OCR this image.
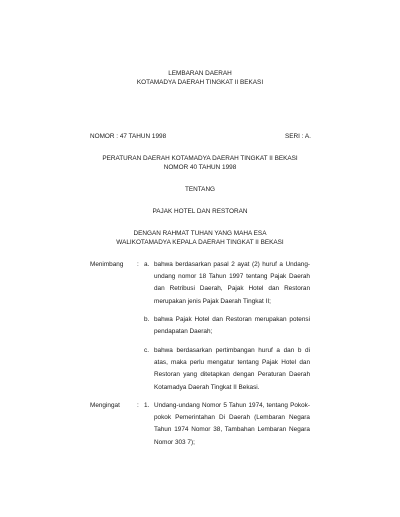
LEMBARAN DAERAH
KOTAMADYA DAERAH TINGKAT II BEKASI
NOMOR : 47 TAHUN 1998	SERI : A.
PERATURAN DAERAH KOTAMADYA DAERAH TINGKAT II BEKASI
NOMOR 40 TAHUN 1998
TENTANG
PAJAK HOTEL DAN RESTORAN
DENGAN RAHMAT TUHAN YANG MAHA ESA
WALIKOTAMADYA KEPALA DAERAH TINGKAT II BEKASI
Menimbang : a. bahwa berdasarkan pasal 2 ayat (2) huruf a Undang-undang nomor 18 Tahun 1997 tentang Pajak Daerah dan Retribusi Daerah, Pajak Hotel dan Restoran merupakan jenis Pajak Daerah Tingkat II;
b. bahwa Pajak Hotel dan Restoran merupakan potensi pendapatan Daerah;
c. bahwa berdasarkan pertimbangan huruf a dan b di atas, maka perlu mengatur tentang Pajak Hotel dan Restoran yang ditetapkan dengan Peraturan Daerah Kotamadya Daerah Tingkat II Bekasi.
Mengingat	: 1. Undang-undang Nomor 5 Tahun 1974, tentang Pokok-pokok Pemerintahan Di Daerah (Lembaran Negara Tahun 1974 Nomor 38, Tambahan Lembaran Negara Nomor 303 7);
